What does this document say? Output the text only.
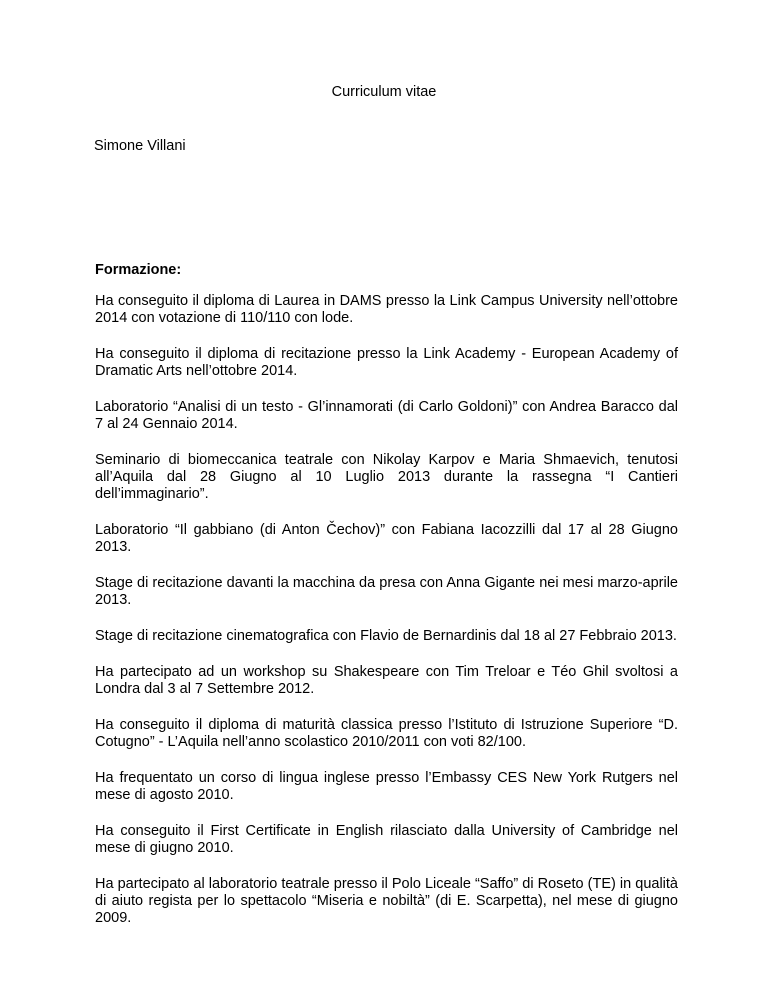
Curriculum vitae
Simone Villani
Formazione:
Ha conseguito il diploma di Laurea in DAMS presso la Link Campus University nell’ottobre 2014 con votazione di 110/110 con lode.
Ha conseguito il diploma di recitazione presso la Link Academy - European Academy of Dramatic Arts nell’ottobre 2014.
Laboratorio “Analisi di un testo - Gl’innamorati (di Carlo Goldoni)” con Andrea Baracco dal 7 al 24 Gennaio 2014.
Seminario di biomeccanica teatrale con Nikolay Karpov e Maria Shmaevich, tenutosi all’Aquila dal 28 Giugno al 10 Luglio 2013 durante la rassegna “I Cantieri dell’immaginario”.
Laboratorio “Il gabbiano (di Anton Čechov)” con Fabiana Iacozzilli dal 17 al 28 Giugno 2013.
Stage di recitazione davanti la macchina da presa con Anna Gigante nei mesi marzo-aprile 2013.
Stage di recitazione cinematografica con Flavio de Bernardinis dal 18 al 27 Febbraio 2013.
Ha partecipato ad un workshop su Shakespeare con Tim Treloar e Téo Ghil svoltosi a Londra dal 3 al 7 Settembre 2012.
Ha conseguito il diploma di maturità classica presso l’Istituto di Istruzione Superiore “D. Cotugno” - L’Aquila nell’anno scolastico 2010/2011 con voti 82/100.
Ha frequentato un corso di lingua inglese presso l’Embassy CES New York Rutgers nel mese di agosto 2010.
Ha conseguito il First Certificate in English rilasciato dalla University of Cambridge nel mese di giugno 2010.
Ha partecipato al laboratorio teatrale presso il Polo Liceale “Saffo” di Roseto (TE) in qualità di aiuto regista per lo spettacolo “Miseria e nobiltà” (di E. Scarpetta), nel mese di giugno 2009.
